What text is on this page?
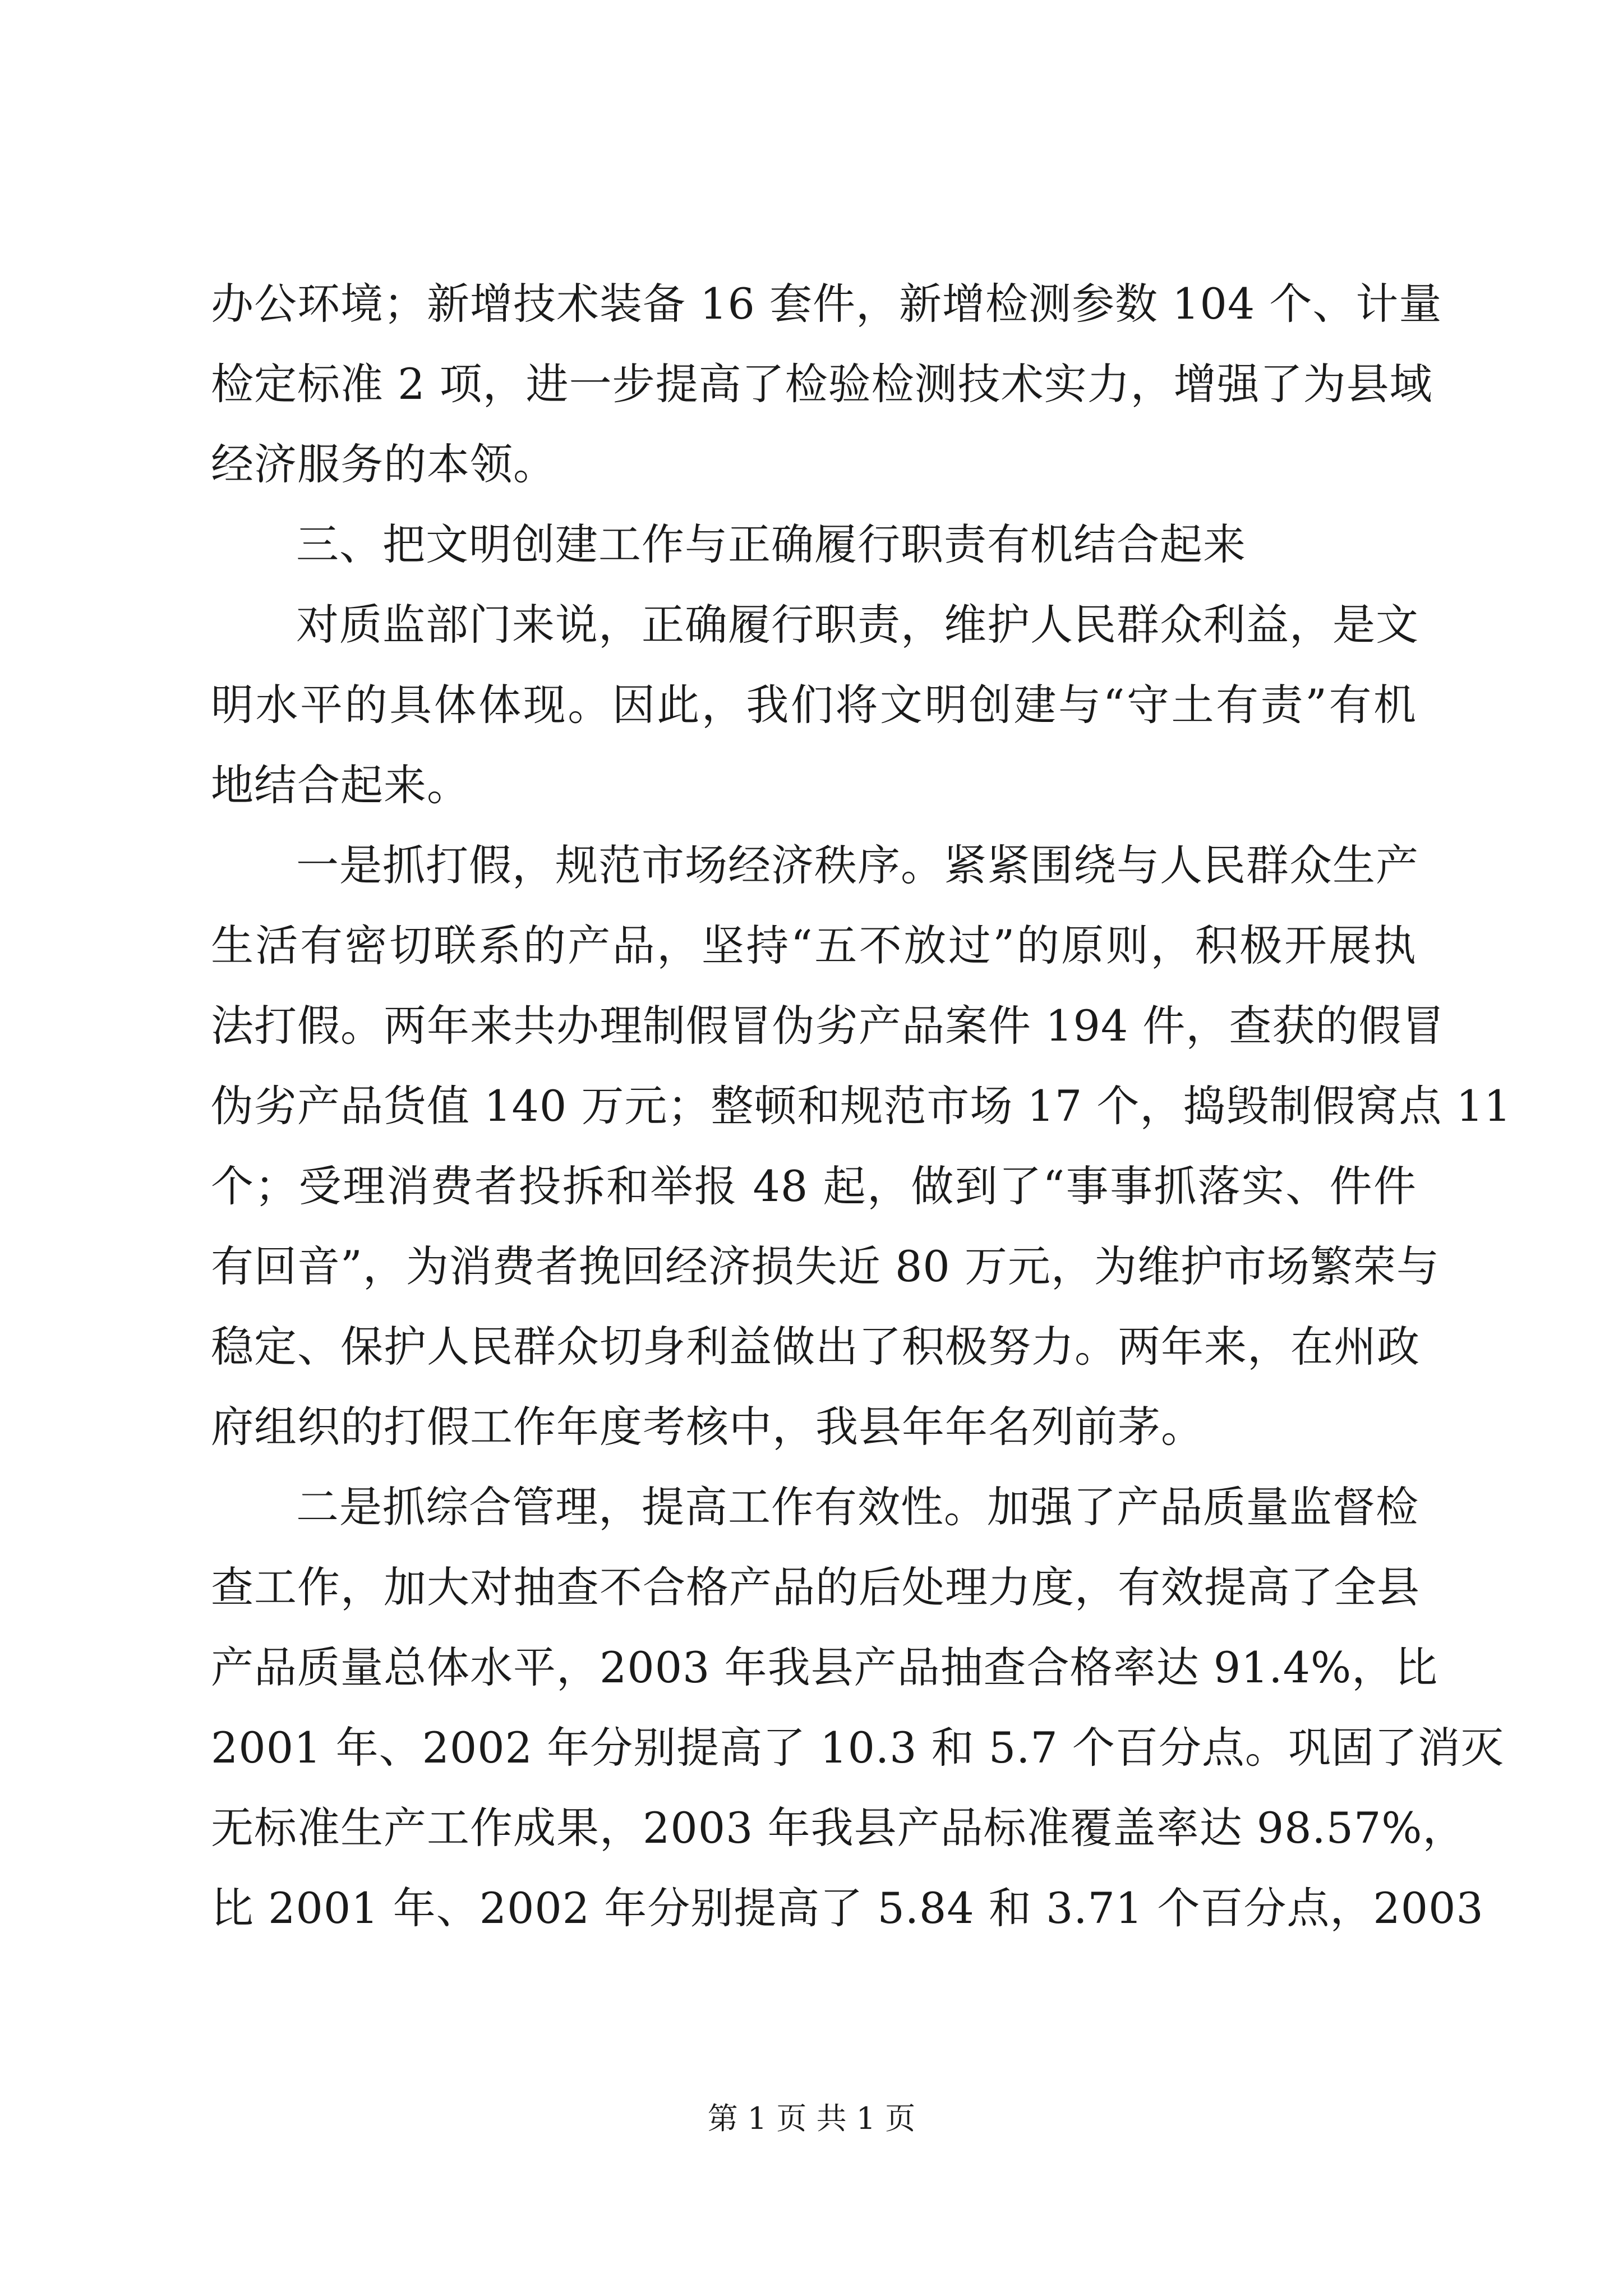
办公环境；新增技术装备 16 套件，新增检测参数 104 个、计量
检定标准 2 项，进一步提高了检验检测技术实力，增强了为县域
经济服务的本领。
三、把文明创建工作与正确履行职责有机结合起来
对质监部门来说，正确履行职责，维护人民群众利益，是文
明水平的具体体现。因此，我们将文明创建与“守土有责”有机
地结合起来。
一是抓打假，规范市场经济秩序。紧紧围绕与人民群众生产
生活有密切联系的产品，坚持“五不放过”的原则，积极开展执
法打假。两年来共办理制假冒伪劣产品案件 194 件，查获的假冒
伪劣产品货值 140 万元；整顿和规范市场 17 个，捣毁制假窝点 11
个；受理消费者投拆和举报 48 起，做到了“事事抓落实、件件
有回音”，为消费者挽回经济损失近 80 万元，为维护市场繁荣与
稳定、保护人民群众切身利益做出了积极努力。两年来，在州政
府组织的打假工作年度考核中，我县年年名列前茅。
二是抓综合管理，提高工作有效性。加强了产品质量监督检
查工作，加大对抽查不合格产品的后处理力度，有效提高了全县
产品质量总体水平，2003 年我县产品抽查合格率达 91.4%，比
2001 年、2002 年分别提高了 10.3 和 5.7 个百分点。巩固了消灭
无标准生产工作成果，2003 年我县产品标准覆盖率达 98.57%，
比 2001 年、2002 年分别提高了 5.84 和 3.71 个百分点，2003
第 1 页 共 1 页
